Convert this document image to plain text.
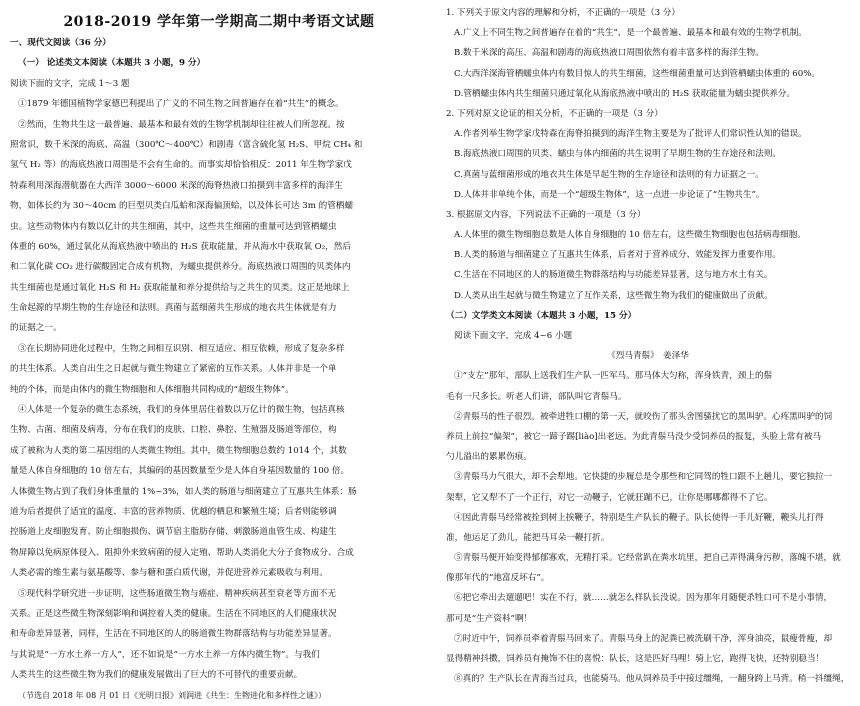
2018-2019 学年第一学期高二期中考语文试题
一、现代文阅读（36 分）
（一） 论述类文本阅读（本题共 3 小题，9 分）
阅读下面的文字，完成 1～3 题
①1879 年德国植物学家德巴利提出了广义的不同生物之间普遍存在着“共生”的概念。
②然而，生物共生这一最普遍、最基本和最有效的生物学机制却往往被人们所忽视。按
照常识，数千米深的海底、高温（300℃～400℃）和剧毒（富含硫化氢 H₂S、甲烷 CH₄ 和
氢气 H₂ 等）的海底热液口周围是不会有生命的。而事实却恰恰相反：2011 年生物学家戊
特森利用深海潜航器在大西洋 3000～6000 米深的海脊热液口拍摄到丰富多样的海洋生
物，如体长约为 30～40cm 的巨型贝类白瓜蛤和深海偏顶蛤，以及体长可达 3m 的管栖蠕
虫。这些动物体内有数以亿计的共生细菌，其中，这些共生细菌的重量可达到管栖蠕虫
体重的 60%，通过氧化从海底热液中喷出的 H₂S 获取能量，并从海水中获取氧 O₂，然后
和二氧化碳 CO₂ 进行碳酸固定合成有机物，为蠕虫提供养分。海底热液口周围的贝类体内
共生细菌也是通过氧化 H₂S 和 H₂ 获取能量和养分提供给与之共生的贝类。这正是地球上
生命起源的早期生物的生存途径和法则。真菌与蓝细菌共生形成的地衣共生体就是有力
的证据之一。
③在长期协同进化过程中，生物之间相互识别、相互适应、相互依赖，形成了复杂多样
的共生体系。人类自出生之日起就与微生物建立了紧密的互作关系。人体并非是一个单
纯的个体，而是由体内的微生物细胞和人体细胞共同构成的“超级生物体”。
④人体是一个复杂的微生态系统，我们的身体里居住着数以万亿计的微生物，包括真核
生物、古菌、细菌及病毒，分布在我们的皮肤、口腔、鼻腔、生殖器及肠道等部位，构
成了被称为人类的第二基因组的人类微生物组。其中，微生物细胞总数约 1014 个，其数
量是人体自身细胞的 10 倍左右，其编码的基因数量至少是人体自身基因数量的 100 倍。
人体微生物占到了我们身体重量的 1%~3%，如人类的肠道与细菌建立了互惠共生体系：肠
道为后者提供了适宜的温度、丰富的营养物质、优越的栖息和繁殖生境；后者则能够调
控肠道上皮细胞发育、防止细胞损伤、调节宿主脂肪存储、刺激肠道血管生成、构建生
物屏障以免病原体侵入、阻抑外来致病菌的侵入定殖、帮助人类消化大分子食物成分、合成
人类必需的维生素与氨基酸等、参与糖和蛋白质代谢，并促进营养元素吸收与利用。
⑤现代科学研究进一步证明，这些肠道微生物与癌症、精神疾病甚至衰老等方面不无
关系。正是这些微生物深刻影响和调控着人类的健康。生活在不同地区的人们健康状况
和寿命差异显著，同样，生活在不同地区的人的肠道微生物群落结构与功能差异显著。
与其说是“一方水土养一方人”，还不如说是“一方水土养一方体内微生物”。与我们
人类共生的这些微生物为我们的健康发展做出了巨大的不可替代的重要贡献。
（节选自 2018 年 08 月 01 日《光明日报》刘润进《共生：生物进化和多样性之谜》）
1. 下列关于原文内容的理解和分析，不正确的一项是（3 分）
A.广义上不同生物之间普遍存在着的“共生”，是一个最普遍、最基本和最有效的生物学机制。
B.数千米深的高压、高温和剧毒的海底热液口周围依然有着丰富多样的海洋生物。
C.大西洋深海管栖蠕虫体内有数目惊人的共生细菌，这些细菌重量可达到管栖蠕虫体重的 60%。
D.管栖蠕虫体内共生细菌只通过氧化从海底热液中喷出的 H₂S 获取能量为蠕虫提供养分。
2. 下列对原文论证的相关分析，不正确的一项是（3 分）
A.作者列举生物学家戊特森在海脊拍摄到的海洋生物主要是为了批评人们常识性认知的错误。
B.海底热液口周围的贝类、蠕虫与体内细菌的共生说明了早期生物的生存途径和法则。
C.真菌与蓝细菌形成的地衣共生体是早起生物的生存途径和法则的有力证据之一。
D.人体并非单纯个体，而是一个“超级生物体”，这一点进一步论证了“生物共生”。
3. 根据原文内容，下列说法不正确的一项是（3 分）
A.人体里的微生物细胞总数是人体自身细胞的 10 倍左右，这些微生物细胞也包括病毒细胞。
B.人类的肠道与细菌建立了互惠共生体系，后者对于营养成分、效能发挥力重要作用。
C.生活在不同地区的人的肠道微生物群落结构与功能差异显著，这与地方水土有关。
D.人类从出生起就与微生物建立了互作关系，这些微生物为我们的健康做出了贡献。
（二）文学类文本阅读（本题共 3 小题，15 分）
阅读下面文字，完成 4~6 小题
《烈马青鬃》　姜泽华
①“支左”那年，部队上送我们生产队一匹军马。那马体大匀称，浑身铁青，颈上的鬃
毛有一尺多长。听老人们讲，部队叫它青鬃马。
②青鬃马的性子很烈。被牵进牲口棚的第一天，就咬伤了那头舍图骚扰它的黑叫驴。心疼黑叫驴的饲
养员上前拉“偏架”，被它一蹄子踢[liào]出老远。为此青鬃马没少受饲养员的报复，头脸上常有被马
勺儿溢出的累累伤痕。
③青鬃马力气很大，却不会犁地。它快捷的步履总是令那些和它同驾的牲口跟不上趟儿，要它独拉一
架犁，它又犁不了一个正行，对它一动鞭子，它就狂蹦不已，让你是哪哪都得不了它。
④因此青鬃马经常被拴到树上挨鞭子，特别是生产队长的鞭子。队长使得一手儿好鞭，鞭头儿打得
准，他运足了劲儿，能把马耳朵一鞭打折。
⑤青鬃马便开始变得郁郁寡欢，无精打采。它经常趴在粪水坑里，把自己弄得满身污秽，落魄不堪，就
像那年代的“地富反坏右”。
⑥把它牵出去遛遛吧！实在不行，就……就怎么样队长没说。因为那年月随便杀牲口可不是小事情，
那可是“生产资料”啊！
⑦时近中午，饲养员牵着青鬃马回来了。青鬃马身上的泥粪已被洗刷干净，浑身油亮，鼠瘦骨瘦，却
显得精神抖擞，饲养员有掩饰不住的喜悦：队长，这是匹好马哩！骑上它，跑得飞快，还特别稳当！
⑧真的？生产队长在青海当过兵，也能骑马。他从饲养员手中接过缰绳，一翻身跨上马背。稍一抖缰绳，
